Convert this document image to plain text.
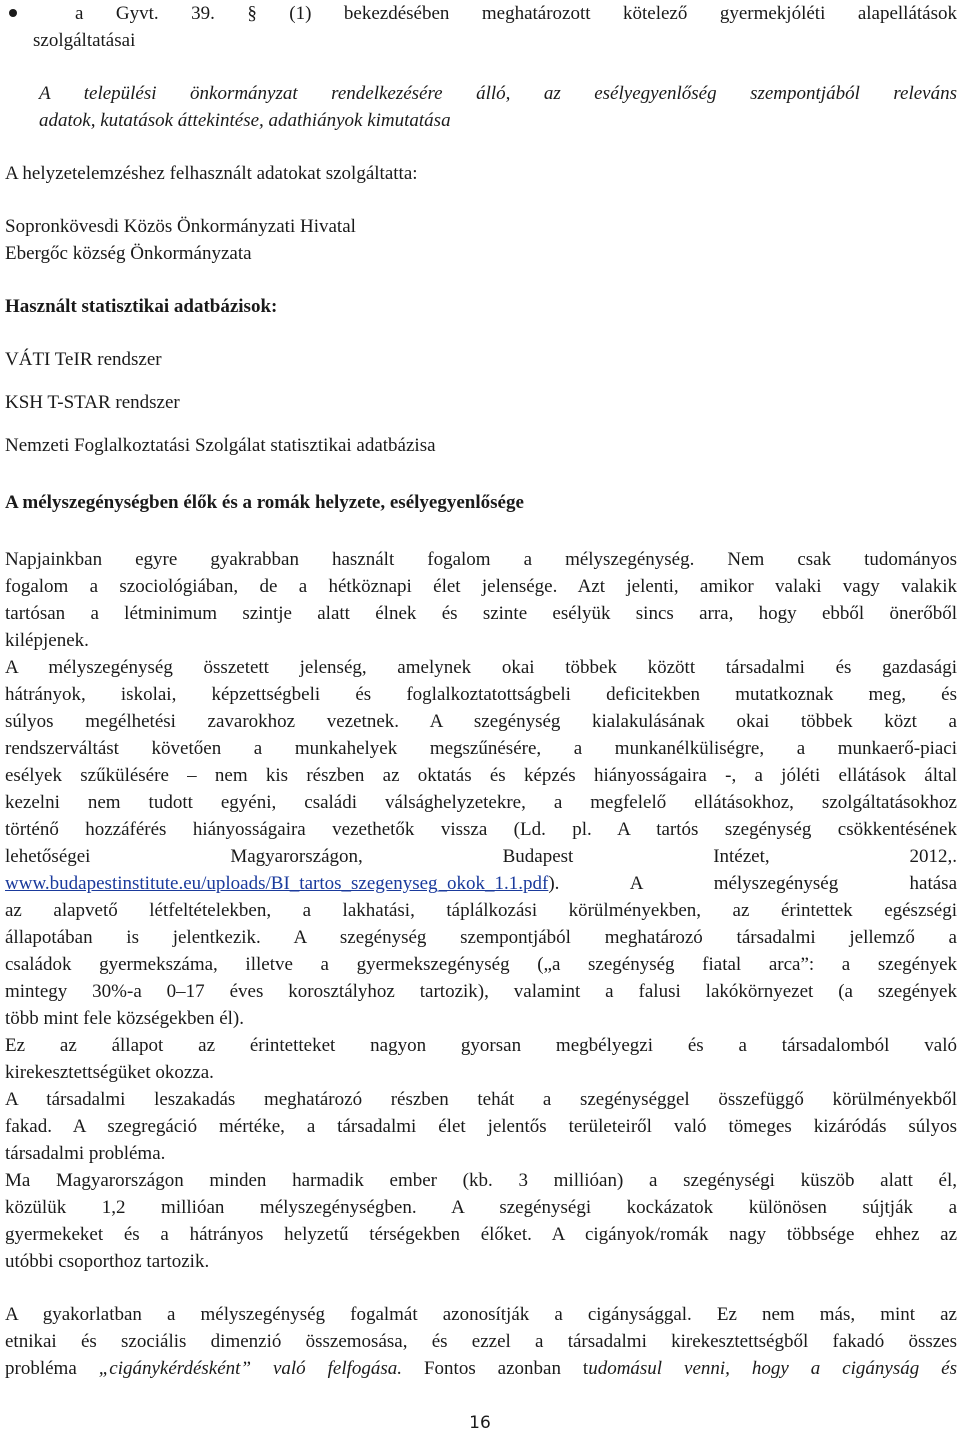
a Gyvt. 39. § (1) bekezdésében meghatározott kötelező gyermekjóléti alapellátások
szolgáltatásai
A települési önkormányzat rendelkezésére álló, az esélyegyenlőség szempontjából releváns
adatok, kutatások áttekintése, adathiányok kimutatása
A helyzetelemzéshez felhasznált adatokat szolgáltatta:
Sopronkövesdi Közös Önkormányzati Hivatal
Ebergőc község Önkormányzata
Használt statisztikai adatbázisok:
VÁTI TeIR rendszer
KSH T-STAR rendszer
Nemzeti Foglalkoztatási Szolgálat statisztikai adatbázisa
A mélyszegénységben élők és a romák helyzete, esélyegyenlősége
Napjainkban egyre gyakrabban használt fogalom a mélyszegénység. Nem csak tudományos
fogalom a szociológiában, de a hétköznapi élet jelensége. Azt jelenti, amikor valaki vagy valakik
tartósan a létminimum szintje alatt élnek és szinte esélyük sincs arra, hogy ebből önerőből
kilépjenek.
A mélyszegénység összetett jelenség, amelynek okai többek között társadalmi és gazdasági
hátrányok, iskolai, képzettségbeli és foglalkoztatottságbeli deficitekben mutatkoznak meg, és
súlyos megélhetési zavarokhoz vezetnek. A szegénység kialakulásának okai többek közt a
rendszerváltást követően a munkahelyek megszűnésére, a munkanélküliségre, a munkaerő-piaci
esélyek szűkülésére – nem kis részben az oktatás és képzés hiányosságaira -, a jóléti ellátások által
kezelni nem tudott egyéni, családi válsághelyzetekre, a megfelelő ellátásokhoz, szolgáltatásokhoz
történő hozzáférés hiányosságaira vezethetők vissza (Ld. pl. A tartós szegénység csökkentésének
lehetőségei Magyarországon, Budapest Intézet, 2012,.
www.budapestinstitute.eu/uploads/BI_tartos_szegenyseg_okok_1.1.pdf). A mélyszegénység hatása
az alapvető létfeltételekben, a lakhatási, táplálkozási körülményekben, az érintettek egészségi
állapotában is jelentkezik. A szegénység szempontjából meghatározó társadalmi jellemző a
családok gyermekszáma, illetve a gyermekszegénység („a szegénység fiatal arca”: a szegények
mintegy 30%-a 0–17 éves korosztályhoz tartozik), valamint a falusi lakókörnyezet (a szegények
több mint fele községekben él).
Ez az állapot az érintetteket nagyon gyorsan megbélyegzi és a társadalomból való
kirekesztettségüket okozza.
A társadalmi leszakadás meghatározó részben tehát a szegénységgel összefüggő körülményekből
fakad. A szegregáció mértéke, a társadalmi élet jelentős területeiről való tömeges kizáródás súlyos
társadalmi probléma.
Ma Magyarországon minden harmadik ember (kb. 3 millióan) a szegénységi küszöb alatt él,
közülük 1,2 millióan mélyszegénységben. A szegénységi kockázatok különösen sújtják a
gyermekeket és a hátrányos helyzetű térségekben élőket. A cigányok/romák nagy többsége ehhez az
utóbbi csoporthoz tartozik.
A gyakorlatban a mélyszegénység fogalmát azonosítják a cigánysággal. Ez nem más, mint az
etnikai és szociális dimenzió összemosása, és ezzel a társadalmi kirekesztettségből fakadó összes
probléma „cigánykérdésként” való felfogása. Fontos azonban tudomásul venni, hogy a cigányság és
16
